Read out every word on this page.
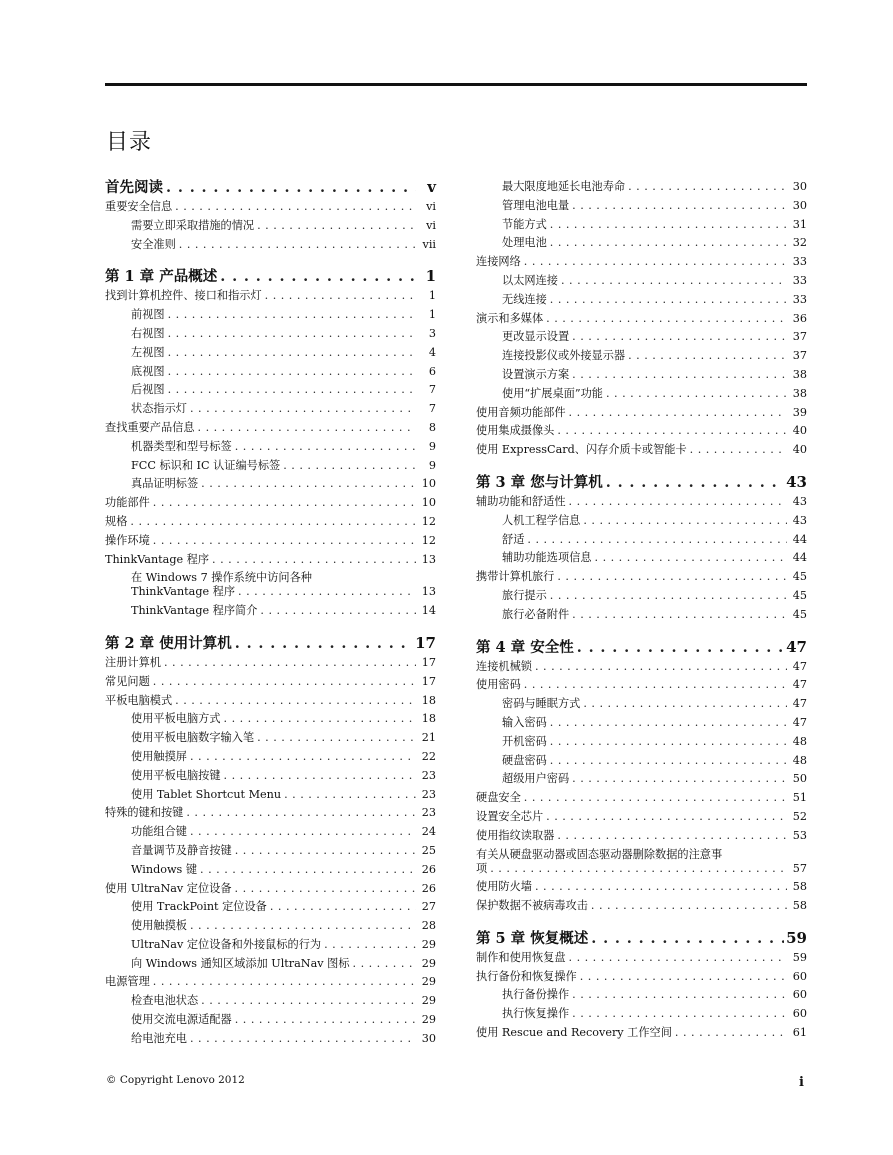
目录
首先阅读 .....	v
重要安全信息 .....	vi
需要立即采取措施的情况 .....	vi
安全准则 .....	vii
第 1 章 产品概述 .....	1
找到计算机控件、接口和指示灯 .....	1
前视图 .....	1
右视图 .....	3
左视图 .....	4
底视图 .....	6
后视图 .....	7
状态指示灯 .....	7
查找重要产品信息 .....	8
机器类型和型号标签 .....	9
FCC 标识和 IC 认证编号标签 .....	9
真品证明标签 .....	10
功能部件 .....	10
规格 .....	12
操作环境 .....	12
ThinkVantage 程序 .....	13
在 Windows 7 操作系统中访问各种
ThinkVantage 程序 .....	13
ThinkVantage 程序简介 .....	14
第 2 章 使用计算机 .....	17
注册计算机 .....	17
常见问题 .....	17
平板电脑模式 .....	18
使用平板电脑方式 .....	18
使用平板电脑数字输入笔 .....	21
使用触摸屏 .....	22
使用平板电脑按键 .....	23
使用 Tablet Shortcut Menu .....	23
特殊的键和按键 .....	23
功能组合键 .....	24
音量调节及静音按键 .....	25
Windows 键 .....	26
使用 UltraNav 定位设备 .....	26
使用 TrackPoint 定位设备 .....	27
使用触摸板 .....	28
UltraNav 定位设备和外接鼠标的行为 .....	29
向 Windows 通知区域添加 UltraNav 图标 .....	29
电源管理 .....	29
检查电池状态 .....	29
使用交流电源适配器 .....	29
给电池充电 .....	30
最大限度地延长电池寿命 .....	30
管理电池电量 .....	30
节能方式 .....	31
处理电池 .....	32
连接网络 .....	33
以太网连接 .....	33
无线连接 .....	33
演示和多媒体 .....	36
更改显示设置 .....	37
连接投影仪或外接显示器 .....	37
设置演示方案 .....	38
使用“扩展桌面”功能 .....	38
使用音频功能部件 .....	39
使用集成摄像头 .....	40
使用 ExpressCard、闪存介质卡或智能卡 .....	40
第 3 章 您与计算机 .....	43
辅助功能和舒适性 .....	43
人机工程学信息 .....	43
舒适 .....	44
辅助功能选项信息 .....	44
携带计算机旅行 .....	45
旅行提示 .....	45
旅行必备附件 .....	45
第 4 章 安全性 .....	47
连接机械锁 .....	47
使用密码 .....	47
密码与睡眠方式 .....	47
输入密码 .....	47
开机密码 .....	48
硬盘密码 .....	48
超级用户密码 .....	50
硬盘安全 .....	51
设置安全芯片 .....	52
使用指纹读取器 .....	53
有关从硬盘驱动器或固态驱动器删除数据的注意事
项 .....	57
使用防火墙 .....	58
保护数据不被病毒攻击 .....	58
第 5 章 恢复概述 .....	59
制作和使用恢复盘 .....	59
执行备份和恢复操作 .....	60
执行备份操作 .....	60
执行恢复操作 .....	60
使用 Rescue and Recovery 工作空间 .....	61
© Copyright Lenovo 2012	i
